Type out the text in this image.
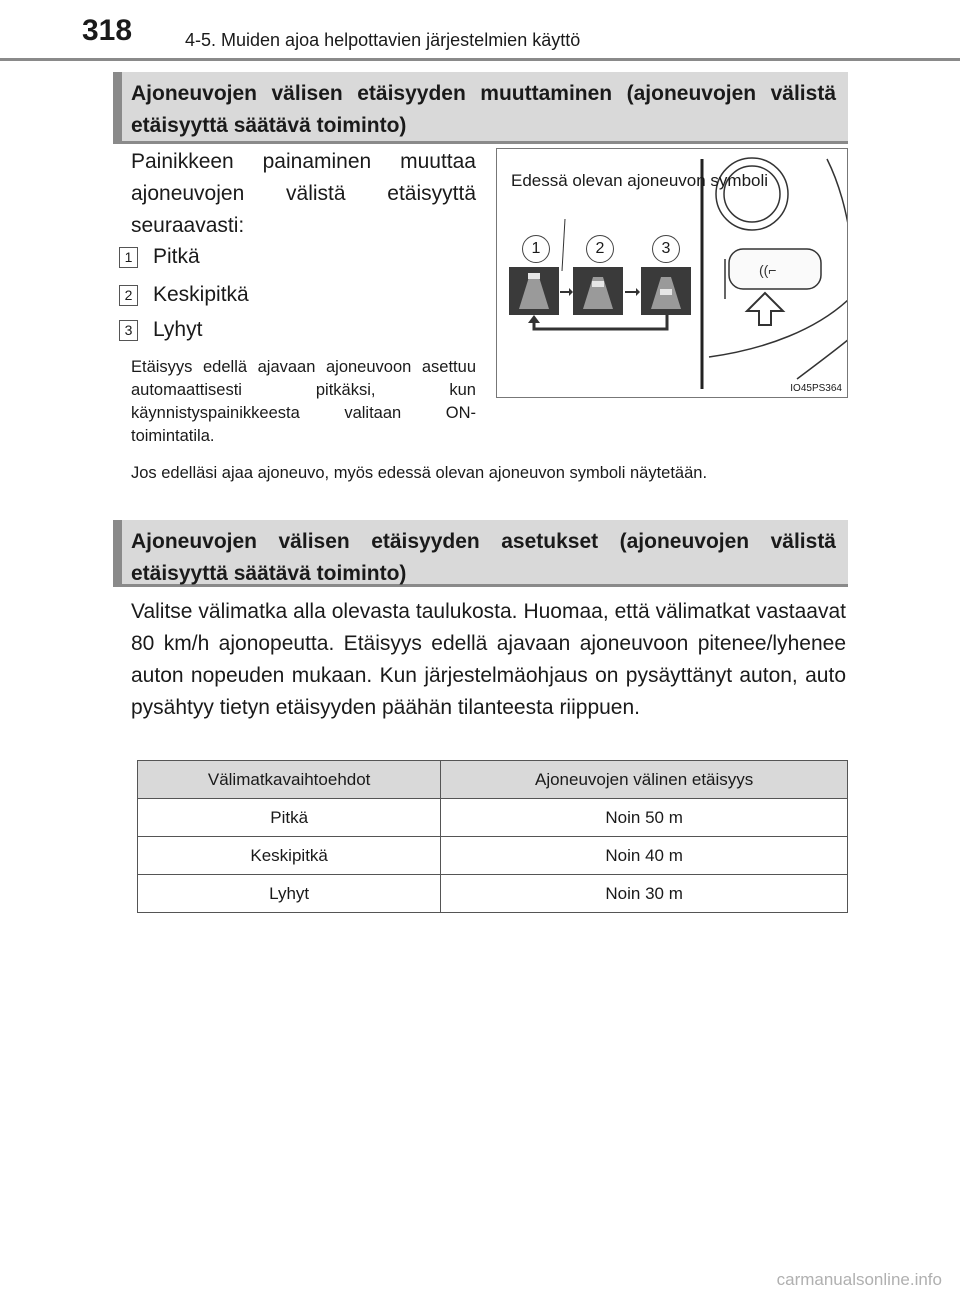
318	4-5. Muiden ajoa helpottavien järjestelmien käyttö
Ajoneuvojen välisen etäisyyden muuttaminen (ajoneuvojen välistä etäisyyttä säätävä toiminto)
Painikkeen painaminen muuttaa ajoneuvojen välistä etäisyyttä seuraavasti:
1 Pitkä
2 Keskipitkä
3 Lyhyt
Etäisyys edellä ajavaan ajoneuvoon asettuu automaattisesti pitkäksi, kun käynnistyspainikkeesta valitaan ON-toimintatila.
((⌐
Edessä olevan ajoneuvon symboli
1	2	3
IO45PS364
Jos edelläsi ajaa ajoneuvo, myös edessä olevan ajoneuvon symboli näytetään.
Ajoneuvojen välisen etäisyyden asetukset (ajoneuvojen välistä etäisyyttä säätävä toiminto)
Valitse välimatka alla olevasta taulukosta. Huomaa, että välimatkat vastaavat 80 km/h ajonopeutta. Etäisyys edellä ajavaan ajoneuvoon pitenee/lyhenee auton nopeuden mukaan. Kun järjestelmäohjaus on pysäyttänyt auton, auto pysähtyy tietyn etäisyyden päähän tilanteesta riippuen.
Välimatkavaihtoehdot	Ajoneuvojen välinen etäisyys
Pitkä	Noin 50 m
Keskipitkä	Noin 40 m
Lyhyt	Noin 30 m
carmanualsonline.info
